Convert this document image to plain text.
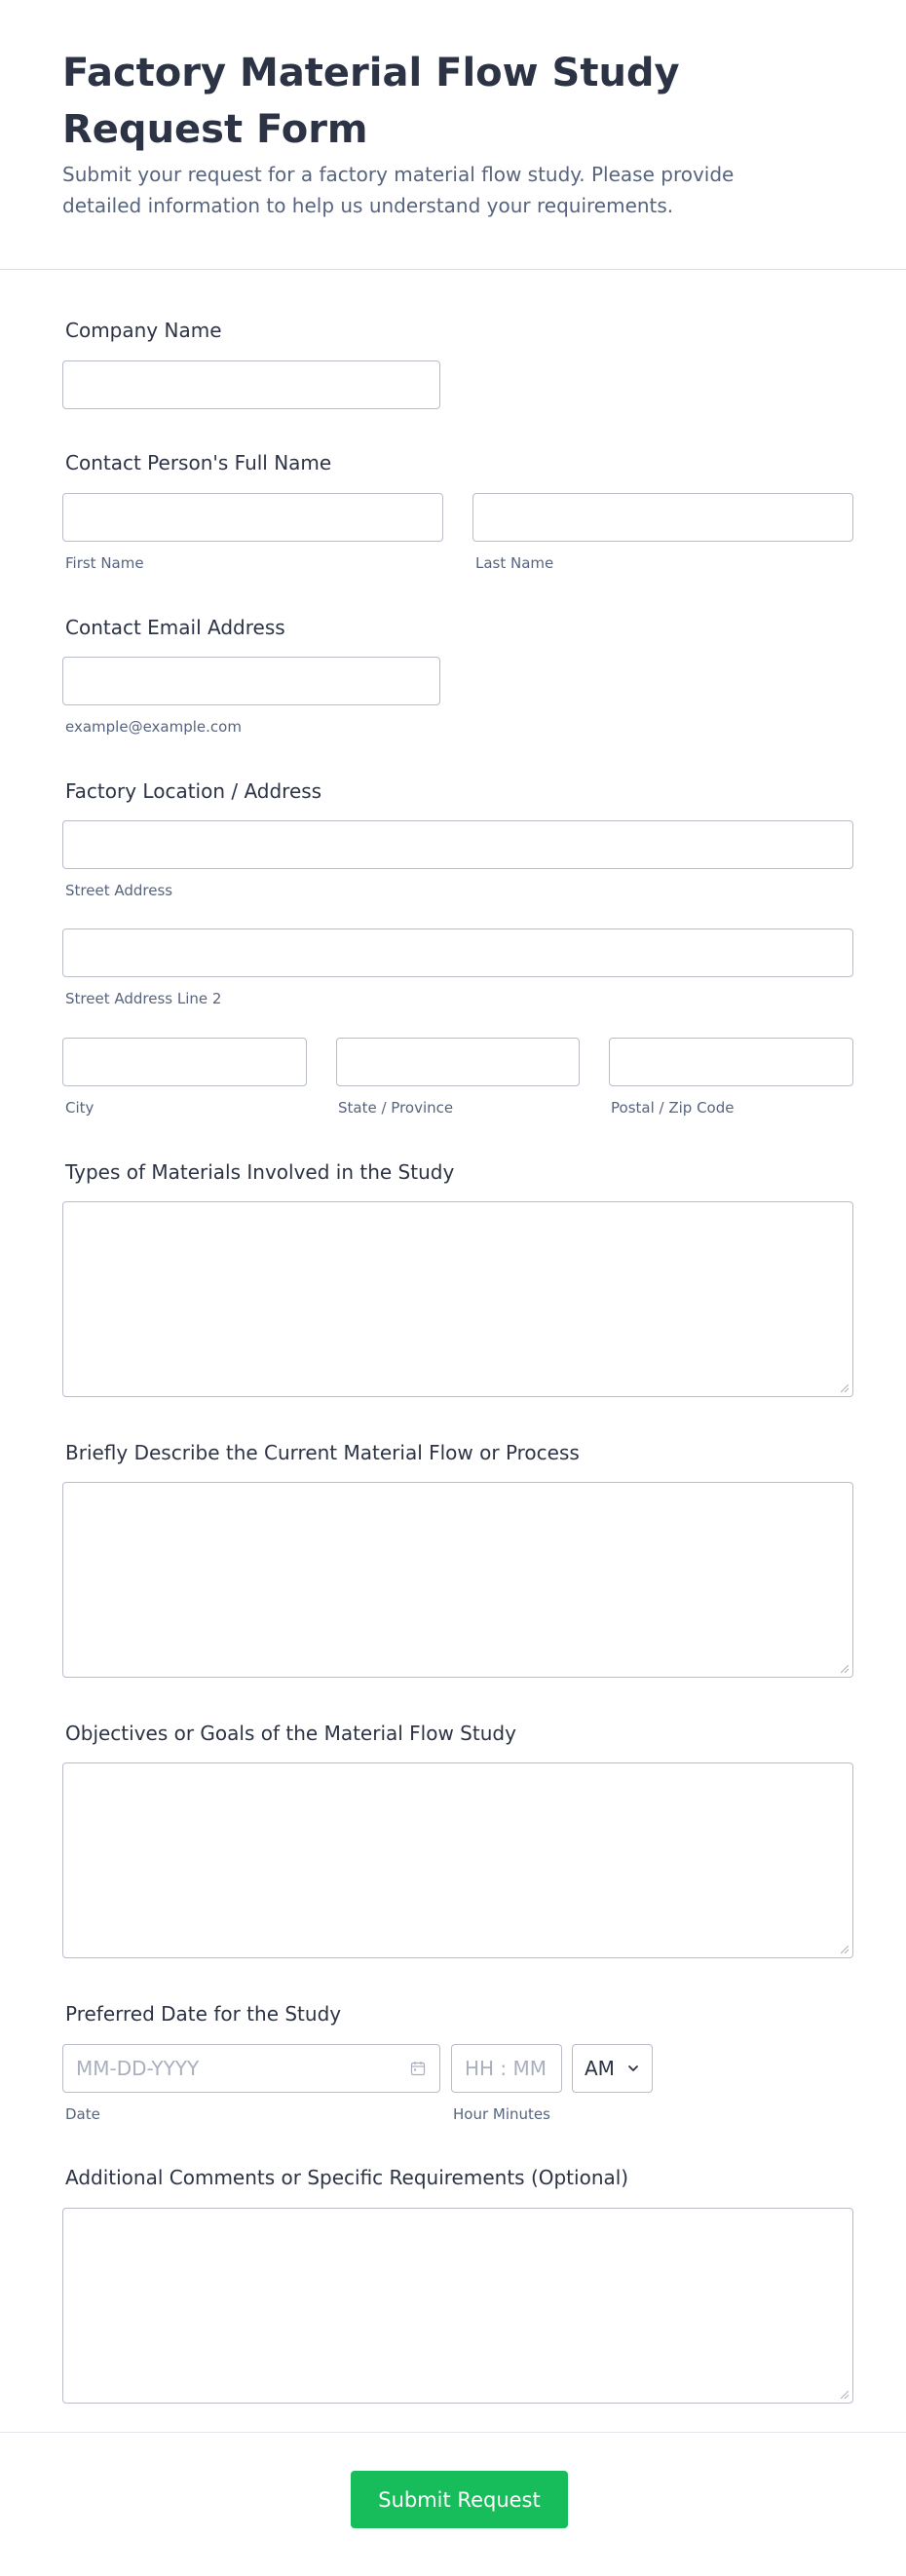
Factory Material Flow Study Request Form

Submit your request for a factory material flow study. Please provide detailed information to help us understand your requirements.

Company Name
Contact Person's Full Name
First Name	Last Name
Contact Email Address
example@example.com
Factory Location / Address
Street Address
Street Address Line 2
City	State / Province	Postal / Zip Code
Types of Materials Involved in the Study
Briefly Describe the Current Material Flow or Process
Objectives or Goals of the Material Flow Study
Preferred Date for the Study
MM-DD-YYYY
Date
HH : MM
Hour Minutes
AM
Additional Comments or Specific Requirements (Optional)
Submit Request
